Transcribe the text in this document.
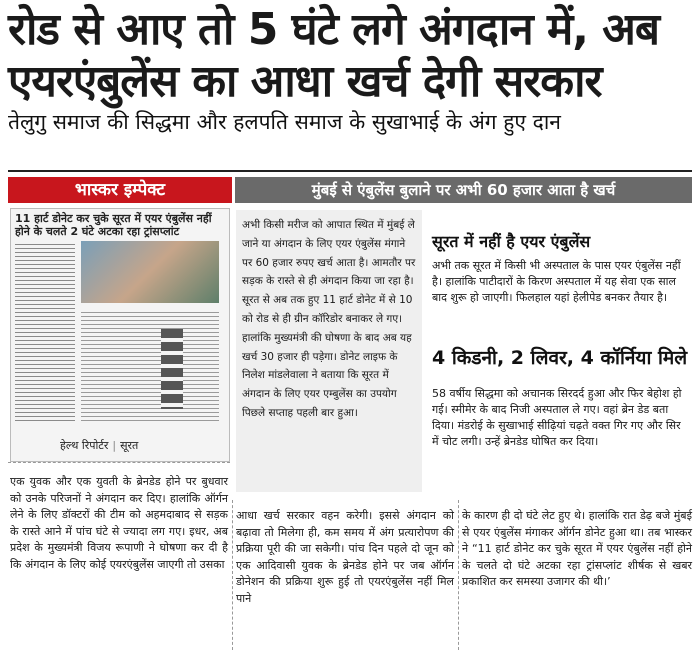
रोड से आए तो 5 घंटे लगे अंगदान में, अब
एयरएंबुलेंस का आधा खर्च देगी सरकार
तेलुगु समाज की सिद्धमा और हलपति समाज के सुखाभाई के अंग हुए दान
भास्कर इम्पेक्ट	मुंबई से एंबुलेंस बुलाने पर अभी 60 हजार आता है खर्च
11 हार्ट डोनेट कर चुके सूरत में एयर एंबुलेंस नहीं होने के चलते 2 घंटे अटका रहा ट्रांसप्लांट
हेल्थ रिपोर्टर | सूरत
अभी किसी मरीज को आपात स्थित में मुंबई ले जाने या अंगदान के लिए एयर एंबुलेंस मंगाने पर 60 हजार रुपए खर्च आता है। आमतौर पर सड़क के रास्ते से ही अंगदान किया जा रहा है। सूरत से अब तक हुए 11 हार्ट डोनेट में से 10 को रोड से ही ग्रीन कॉरिडोर बनाकर ले गए। हालांकि मुख्यमंत्री की घोषणा के बाद अब यह खर्च 30 हजार ही पड़ेगा। डोनेट लाइफ के निलेश मांडलेवाला ने बताया कि सूरत में अंगदान के लिए एयर एम्बुलेंस का उपयोग पिछले सप्ताह पहली बार हुआ।
सूरत में नहीं है एयर एंबुलेंस
अभी तक सूरत में किसी भी अस्पताल के पास एयर एंबुलेंस नहीं है। हालांकि पाटीदारों के किरण अस्पताल में यह सेवा एक साल बाद शुरू हो जाएगी। फिलहाल यहां हेलीपेड बनकर तैयार है।
4 किडनी, 2 लिवर, 4 कॉर्निया मिले
58 वर्षीय सिद्धमा को अचानक सिरदर्द हुआ और फिर बेहोश हो गई। स्मीमेर के बाद निजी अस्पताल ले गए। वहां ब्रेन डेड बता दिया। मंडरोई के सुखाभाई सीढ़ियां चढ़ते वक्त गिर गए और सिर में चोट लगी। उन्हें ब्रेनडेड घोषित कर दिया।
एक युवक और एक युवती के ब्रेनडेड होने पर बुधवार को उनके परिजनों ने अंगदान कर दिए। हालांकि ऑर्गन लेने के लिए डॉक्टरों की टीम को अहमदाबाद से सड़क के रास्ते आने में पांच घंटे से ज्यादा लग गए। इधर, अब प्रदेश के मुख्यमंत्री विजय रूपाणी ने घोषणा कर दी है कि अंगदान के लिए कोई एयरएंबुलेंस जाएगी तो उसका
आधा खर्च सरकार वहन करेगी। इससे अंगदान को बढ़ावा तो मिलेगा ही, कम समय में अंग प्रत्यारोपण की प्रक्रिया पूरी की जा सकेगी। पांच दिन पहले दो जून को एक आदिवासी युवक के ब्रेनडेड होने पर जब ऑर्गन डोनेशन की प्रक्रिया शुरू हुई तो एयरएंबुलेंस नहीं मिल पाने
के कारण ही दो घंटे लेट हुए थे। हालांकि रात डेढ़ बजे मुंबई से एयर एंबुलेंस मंगाकर ऑर्गन डोनेट हुआ था। तब भास्कर ने “11 हार्ट डोनेट कर चुके सूरत में एयर एंबुलेंस नहीं होने के चलते दो घंटे अटका रहा ट्रांसप्लांट शीर्षक से खबर प्रकाशित कर समस्या उजागर की थी।’
